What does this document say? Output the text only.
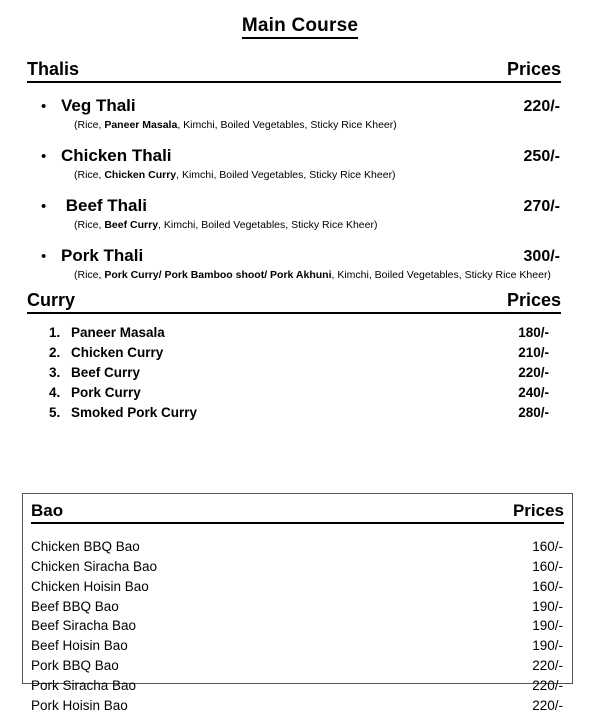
Main Course
Thalis	Prices
• Veg Thali	220/-
(Rice, Paneer Masala, Kimchi, Boiled Vegetables, Sticky Rice Kheer)
• Chicken Thali	250/-
(Rice, Chicken Curry, Kimchi, Boiled Vegetables, Sticky Rice Kheer)
• Beef Thali	270/-
(Rice, Beef Curry, Kimchi, Boiled Vegetables, Sticky Rice Kheer)
• Pork Thali	300/-
(Rice, Pork Curry/ Pork Bamboo shoot/ Pork Akhuni, Kimchi, Boiled Vegetables, Sticky Rice Kheer)
Curry	Prices
1. Paneer Masala	180/-
2. Chicken Curry	210/-
3. Beef Curry	220/-
4. Pork Curry	240/-
5. Smoked Pork Curry	280/-
Bao	Prices
Chicken BBQ Bao	160/-
Chicken Siracha Bao	160/-
Chicken Hoisin Bao	160/-
Beef BBQ Bao	190/-
Beef Siracha Bao	190/-
Beef Hoisin Bao	190/-
Pork BBQ Bao	220/-
Pork Siracha Bao	220/-
Pork Hoisin Bao	220/-
